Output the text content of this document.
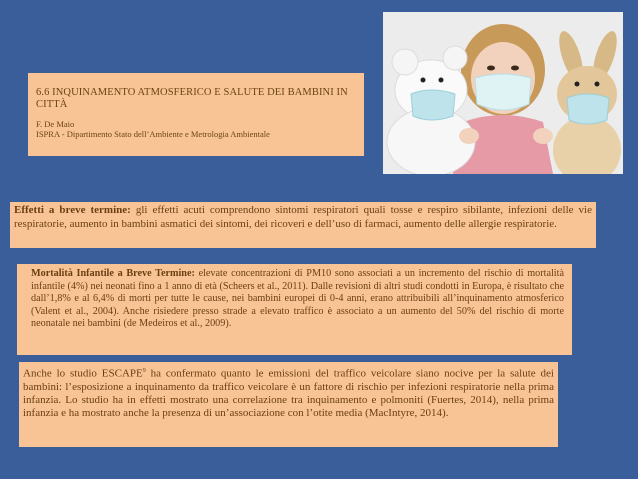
6.6 INQUINAMENTO ATMOSFERICO E SALUTE DEI BAMBINI IN CITTÀ
F. De Maio
ISPRA - Dipartimento Stato dell’Ambiente e Metrologia Ambientale
Effetti a breve termine: gli effetti acuti comprendono sintomi respiratori quali tosse e respiro sibilante, infezioni delle vie respiratorie, aumento in bambini asmatici dei sintomi, dei ricoveri e dell’uso di farmaci, aumento delle allergie respiratorie.
Mortalità Infantile a Breve Termine: elevate concentrazioni di PM10 sono associati a un incremento del rischio di mortalità infantile (4%) nei neonati fino a 1 anno di età (Scheers et al., 2011). Dalle revisioni di altri studi condotti in Europa, è risultato che dall’1,8% e al 6,4% di morti per tutte le cause, nei bambini europei di 0-4 anni, erano attribuibili all’inquinamento atmosferico (Valent et al., 2004). Anche risiedere presso strade a elevato traffico è associato a un aumento del 50% del rischio di morte neonatale nei bambini (de Medeiros et al., 2009).
Anche lo studio ESCAPE$^9$ ha confermato quanto le emissioni del traffico veicolare siano nocive per la salute dei bambini: l’esposizione a inquinamento da traffico veicolare è un fattore di rischio per infezioni respiratorie nella prima infanzia. Lo studio ha in effetti mostrato una correlazione tra inquinamento e polmoniti (Fuertes, 2014), nella prima infanzia e ha mostrato anche la presenza di un’associazione con l’otite media (MacIntyre, 2014).
